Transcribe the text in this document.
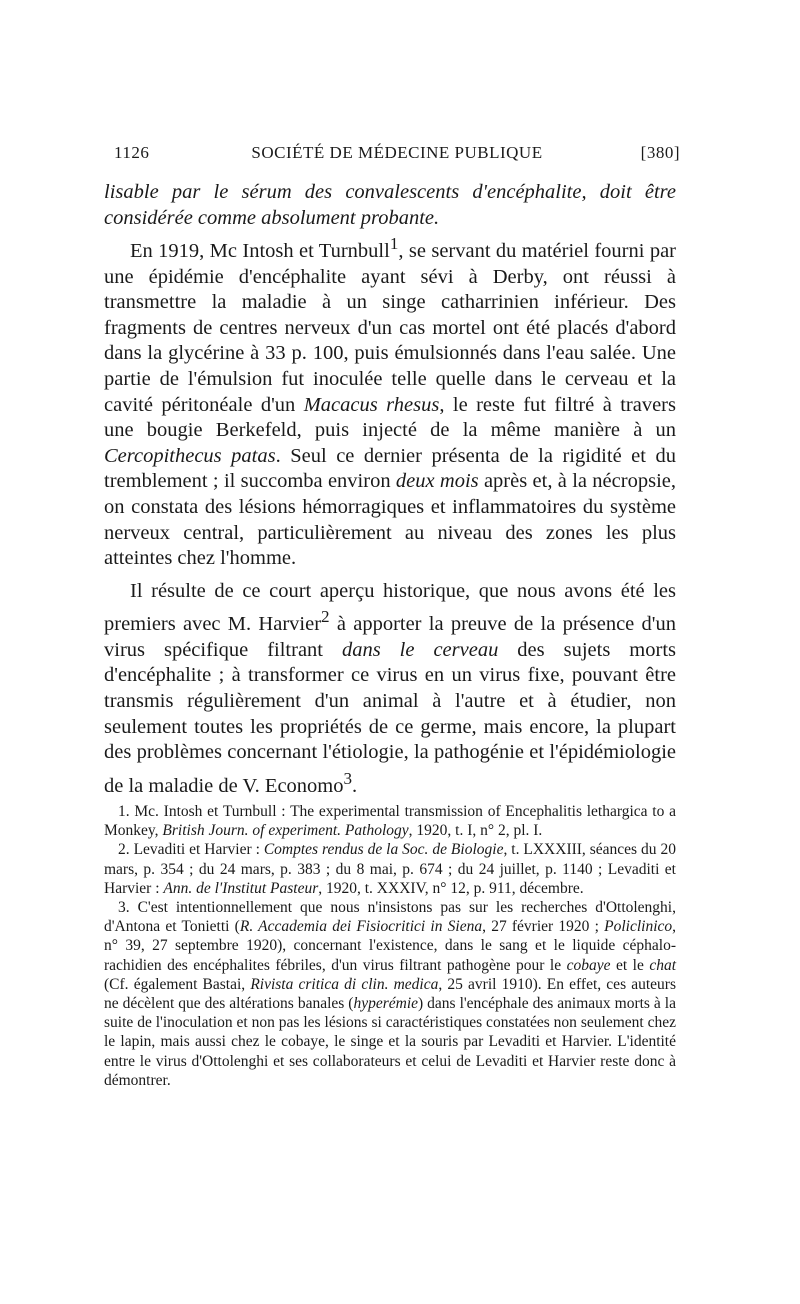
1126	SOCIÉTÉ DE MÉDECINE PUBLIQUE	[380]

lisable par le sérum des convalescents d'encéphalite, doit être considérée comme absolument probante.

En 1919, Mc Intosh et Turnbull$^1$, se servant du matériel fourni par une épidémie d'encéphalite ayant sévi à Derby, ont réussi à transmettre la maladie à un singe catharrinien inférieur. Des fragments de centres nerveux d'un cas mortel ont été placés d'abord dans la glycérine à 33 p. 100, puis émulsionnés dans l'eau salée. Une partie de l'émulsion fut inoculée telle quelle dans le cerveau et la cavité péritonéale d'un Macacus rhesus, le reste fut filtré à travers une bougie Berkefeld, puis injecté de la même manière à un Cercopithecus patas. Seul ce dernier présenta de la rigidité et du tremblement ; il succomba environ deux mois après et, à la nécropsie, on constata des lésions hémorragiques et inflammatoires du système nerveux central, particulièrement au niveau des zones les plus atteintes chez l'homme.

Il résulte de ce court aperçu historique, que nous avons été les premiers avec M. Harvier$^2$ à apporter la preuve de la présence d'un virus spécifique filtrant dans le cerveau des sujets morts d'encéphalite ; à transformer ce virus en un virus fixe, pouvant être transmis régulièrement d'un animal à l'autre et à étudier, non seulement toutes les propriétés de ce germe, mais encore, la plupart des problèmes concernant l'étiologie, la pathogénie et l'épidémiologie de la maladie de V. Economo$^3$.

1. Mc. Intosh et Turnbull : The experimental transmission of Encephalitis lethargica to a Monkey, British Journ. of experiment. Pathology, 1920, t. I, n° 2, pl. I.

2. Levaditi et Harvier : Comptes rendus de la Soc. de Biologie, t. LXXXIII, séances du 20 mars, p. 354 ; du 24 mars, p. 383 ; du 8 mai, p. 674 ; du 24 juillet, p. 1140 ; Levaditi et Harvier : Ann. de l'Institut Pasteur, 1920, t. XXXIV, n° 12, p. 911, décembre.

3. C'est intentionnellement que nous n'insistons pas sur les recherches d'Ottolenghi, d'Antona et Tonietti (R. Accademia dei Fisiocritici in Siena, 27 février 1920 ; Policlinico, n° 39, 27 septembre 1920), concernant l'existence, dans le sang et le liquide céphalo-rachidien des encéphalites fébriles, d'un virus filtrant pathogène pour le cobaye et le chat (Cf. également Bastai, Rivista critica di clin. medica, 25 avril 1910). En effet, ces auteurs ne décèlent que des altérations banales (hyperémie) dans l'encéphale des animaux morts à la suite de l'inoculation et non pas les lésions si caractéristiques constatées non seulement chez le lapin, mais aussi chez le cobaye, le singe et la souris par Levaditi et Harvier. L'identité entre le virus d'Ottolenghi et ses collaborateurs et celui de Levaditi et Harvier reste donc à démontrer.
